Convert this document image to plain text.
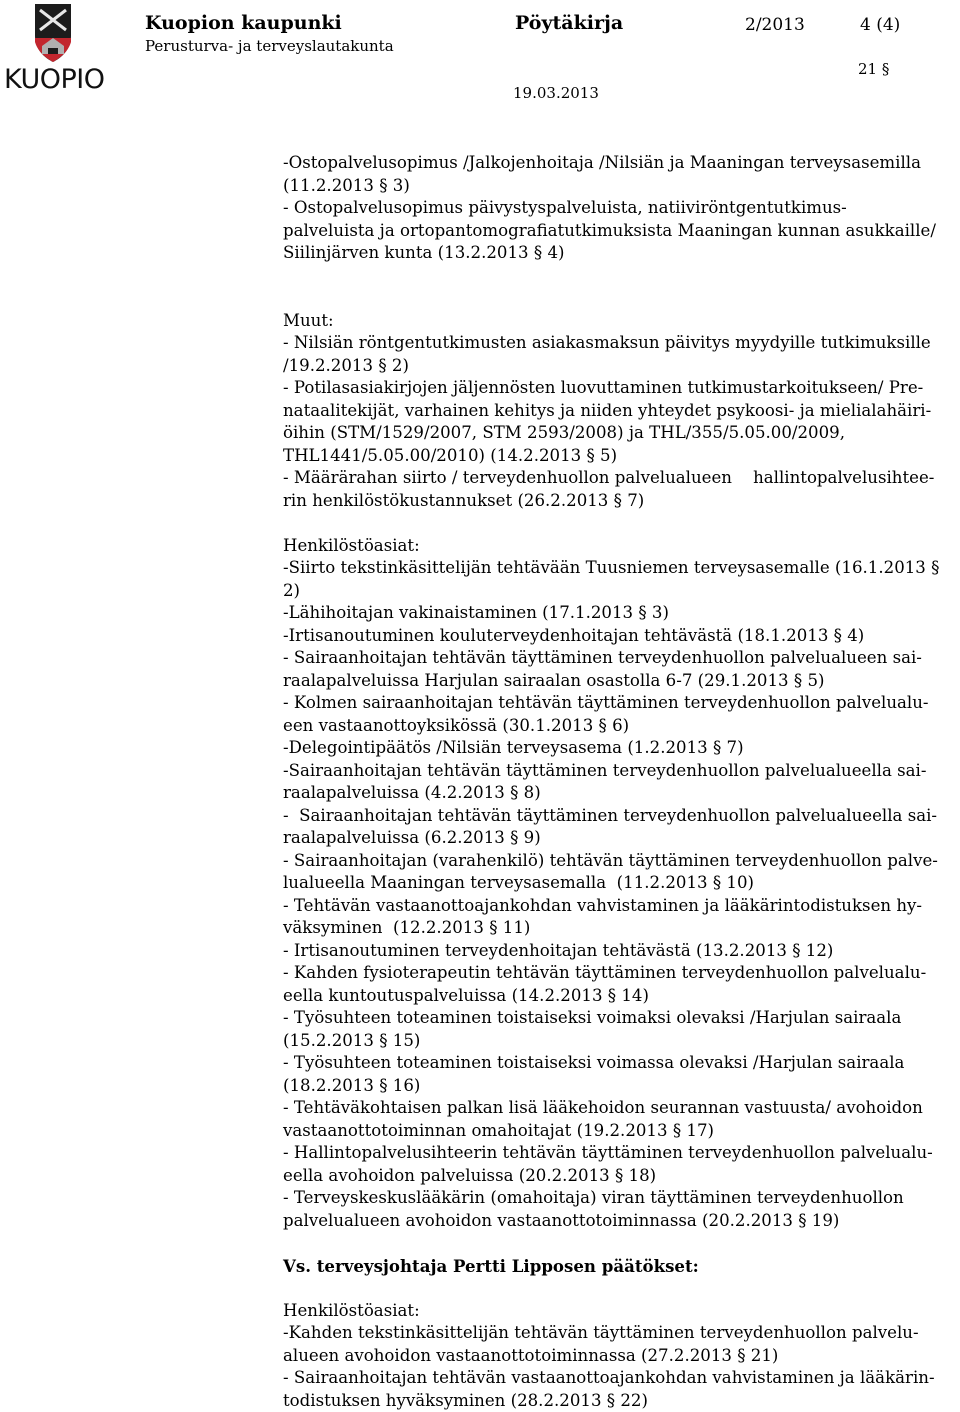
KUOPIO
Kuopion kaupunki
Perusturva- ja terveyslautakunta
Pöytäkirja	2/2013	4 (4)
21 §
19.03.2013
-Ostopalvelusopimus /Jalkojenhoitaja /Nilsiän ja Maaningan terveysasemilla
(11.2.2013 § 3)
- Ostopalvelusopimus päivystyspalveluista, natiiviröntgentutkimus-
palveluista ja ortopantomografiatutkimuksista Maaningan kunnan asukkaille/
Siilinjärven kunta (13.2.2013 § 4)
Muut:
- Nilsiän röntgentutkimusten asiakasmaksun päivitys myydyille tutkimuksille
/19.2.2013 § 2)
- Potilasasiakirjojen jäljennösten luovuttaminen tutkimustarkoitukseen/ Pre-
nataalitekijät, varhainen kehitys ja niiden yhteydet psykoosi- ja mielialahäiri-
öihin (STM/1529/2007, STM 2593/2008) ja THL/355/5.05.00/2009,
THL1441/5.05.00/2010) (14.2.2013 § 5)
- Määrärahan siirto / terveydenhuollon palvelualueen    hallintopalvelusihtee-
rin henkilöstökustannukset (26.2.2013 § 7)
Henkilöstöasiat:
-Siirto tekstinkäsittelijän tehtävään Tuusniemen terveysasemalle (16.1.2013 §
2)
-Lähihoitajan vakinaistaminen (17.1.2013 § 3)
-Irtisanoutuminen kouluterveydenhoitajan tehtävästä (18.1.2013 § 4)
- Sairaanhoitajan tehtävän täyttäminen terveydenhuollon palvelualueen sai-
raalapalveluissa Harjulan sairaalan osastolla 6-7 (29.1.2013 § 5)
- Kolmen sairaanhoitajan tehtävän täyttäminen terveydenhuollon palvelualu-
een vastaanottoyksikössä (30.1.2013 § 6)
-Delegointipäätös /Nilsiän terveysasema (1.2.2013 § 7)
-Sairaanhoitajan tehtävän täyttäminen terveydenhuollon palvelualueella sai-
raalapalveluissa (4.2.2013 § 8)
-  Sairaanhoitajan tehtävän täyttäminen terveydenhuollon palvelualueella sai-
raalapalveluissa (6.2.2013 § 9)
- Sairaanhoitajan (varahenkilö) tehtävän täyttäminen terveydenhuollon palve-
lualueella Maaningan terveysasemalla  (11.2.2013 § 10)
- Tehtävän vastaanottoajankohdan vahvistaminen ja lääkärintodistuksen hy-
väksyminen  (12.2.2013 § 11)
- Irtisanoutuminen terveydenhoitajan tehtävästä (13.2.2013 § 12)
- Kahden fysioterapeutin tehtävän täyttäminen terveydenhuollon palvelualu-
eella kuntoutuspalveluissa (14.2.2013 § 14)
- Työsuhteen toteaminen toistaiseksi voimaksi olevaksi /Harjulan sairaala
(15.2.2013 § 15)
- Työsuhteen toteaminen toistaiseksi voimassa olevaksi /Harjulan sairaala
(18.2.2013 § 16)
- Tehtäväkohtaisen palkan lisä lääkehoidon seurannan vastuusta/ avohoidon
vastaanottotoiminnan omahoitajat (19.2.2013 § 17)
- Hallintopalvelusihteerin tehtävän täyttäminen terveydenhuollon palvelualu-
eella avohoidon palveluissa (20.2.2013 § 18)
- Terveyskeskuslääkärin (omahoitaja) viran täyttäminen terveydenhuollon
palvelualueen avohoidon vastaanottotoiminnassa (20.2.2013 § 19)
Vs. terveysjohtaja Pertti Lipposen päätökset:
Henkilöstöasiat:
-Kahden tekstinkäsittelijän tehtävän täyttäminen terveydenhuollon palvelu-
alueen avohoidon vastaanottotoiminnassa (27.2.2013 § 21)
- Sairaanhoitajan tehtävän vastaanottoajankohdan vahvistaminen ja lääkärin-
todistuksen hyväksyminen (28.2.2013 § 22)
